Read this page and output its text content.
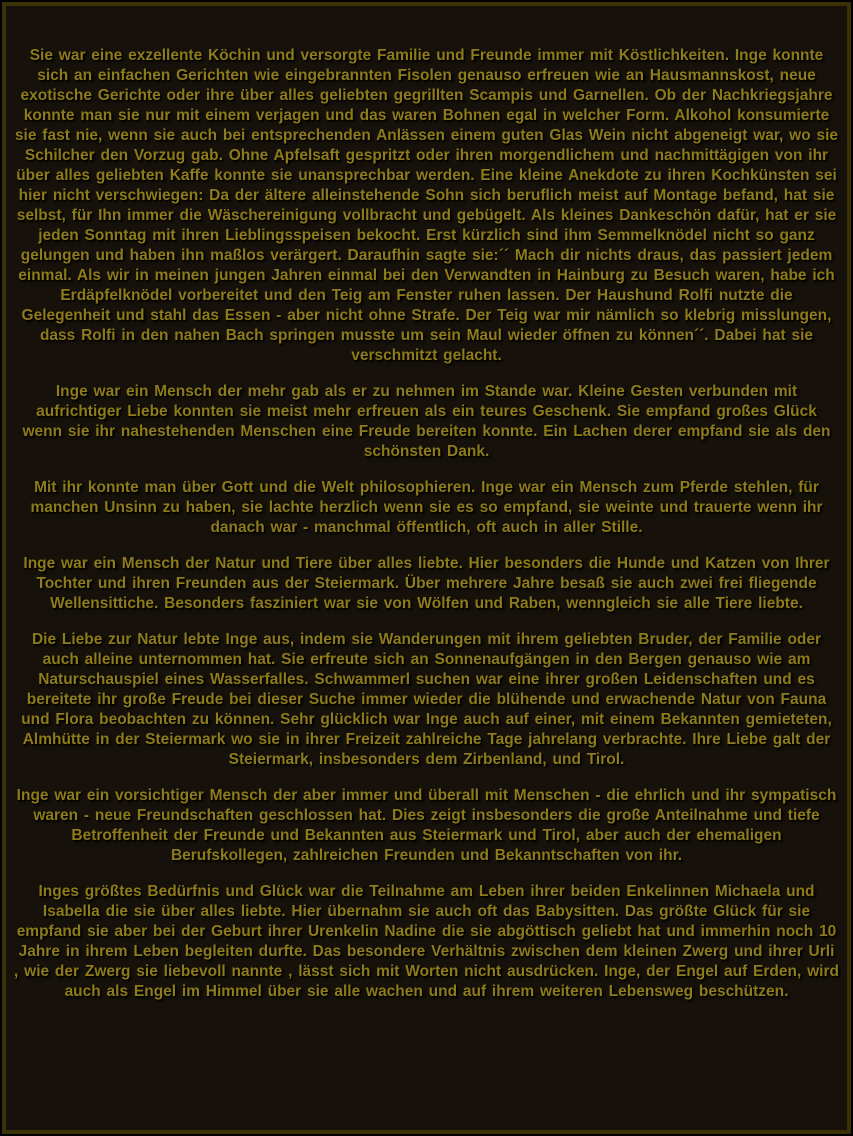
Sie war eine exzellente Köchin und versorgte Familie und Freunde immer mit Köstlichkeiten. Inge konnte sich an einfachen Gerichten wie eingebrannten Fisolen genauso erfreuen wie an Hausmannskost, neue exotische Gerichte oder ihre über alles geliebten gegrillten Scampis und Garnellen. Ob der Nachkriegsjahre konnte man sie nur mit einem verjagen und das waren Bohnen egal in welcher Form. Alkohol konsumierte sie fast nie, wenn sie auch bei entsprechenden Anlässen einem guten Glas Wein nicht abgeneigt war, wo sie Schilcher den Vorzug gab. Ohne Apfelsaft gespritzt oder ihren morgendlichem und nachmittägigen von ihr über alles geliebten Kaffe konnte sie unansprechbar werden. Eine kleine Anekdote zu ihren Kochkünsten sei hier nicht verschwiegen: Da der ältere alleinstehende Sohn sich beruflich meist auf Montage befand, hat sie selbst, für Ihn immer die Wäschereinigung vollbracht und gebügelt. Als kleines Dankeschön dafür, hat er sie jeden Sonntag mit ihren Lieblingsspeisen bekocht. Erst kürzlich sind ihm Semmelknödel nicht so ganz gelungen und haben ihn maßlos verärgert. Daraufhin sagte sie:´´ Mach dir nichts draus, das passiert jedem einmal. Als wir in meinen jungen Jahren einmal bei den Verwandten in Hainburg zu Besuch waren, habe ich Erdäpfelknödel vorbereitet und den Teig am Fenster ruhen lassen. Der Haushund Rolfi nutzte die Gelegenheit und stahl das Essen - aber nicht ohne Strafe. Der Teig war mir nämlich so klebrig misslungen, dass Rolfi in den nahen Bach springen musste um sein Maul wieder öffnen zu können´´. Dabei hat sie verschmitzt gelacht.

Inge war ein Mensch der mehr gab als er zu nehmen im Stande war. Kleine Gesten verbunden mit aufrichtiger Liebe konnten sie meist mehr erfreuen als ein teures Geschenk. Sie empfand großes Glück wenn sie ihr nahestehenden Menschen eine Freude bereiten konnte. Ein Lachen derer empfand sie als den schönsten Dank.

Mit ihr konnte man über Gott und die Welt philosophieren. Inge war ein Mensch zum Pferde stehlen, für manchen Unsinn zu haben, sie lachte herzlich wenn sie es so empfand, sie weinte und trauerte wenn ihr danach war - manchmal öffentlich, oft auch in aller Stille.

Inge war ein Mensch der Natur und Tiere über alles liebte. Hier besonders die Hunde und Katzen von Ihrer Tochter und ihren Freunden aus der Steiermark. Über mehrere Jahre besaß sie auch zwei frei fliegende Wellensittiche. Besonders fasziniert war sie von Wölfen und Raben, wenngleich sie alle Tiere liebte.

Die Liebe zur Natur lebte Inge aus, indem sie Wanderungen mit ihrem geliebten Bruder, der Familie oder auch alleine unternommen hat. Sie erfreute sich an Sonnenaufgängen in den Bergen genauso wie am Naturschauspiel eines Wasserfalles. Schwammerl suchen war eine ihrer großen Leidenschaften und es bereitete ihr große Freude bei dieser Suche immer wieder die blühende und erwachende Natur von Fauna und Flora beobachten zu können. Sehr glücklich war Inge auch auf einer, mit einem Bekannten gemieteten, Almhütte in der Steiermark wo sie in ihrer Freizeit zahlreiche Tage jahrelang verbrachte. Ihre Liebe galt der Steiermark, insbesonders dem Zirbenland, und Tirol.

Inge war ein vorsichtiger Mensch der aber immer und überall mit Menschen - die ehrlich und ihr sympatisch waren - neue Freundschaften geschlossen hat. Dies zeigt insbesonders die große Anteilnahme und tiefe Betroffenheit der Freunde und Bekannten aus Steiermark und Tirol, aber auch der ehemaligen Berufskollegen, zahlreichen Freunden und Bekanntschaften von ihr.

Inges größtes Bedürfnis und Glück war die Teilnahme am Leben ihrer beiden Enkelinnen Michaela und Isabella die sie über alles liebte. Hier übernahm sie auch oft das Babysitten. Das größte Glück für sie empfand sie aber bei der Geburt ihrer Urenkelin Nadine die sie abgöttisch geliebt hat und immerhin noch 10 Jahre in ihrem Leben begleiten durfte. Das besondere Verhältnis zwischen dem kleinen Zwerg und ihrer Urli , wie der Zwerg sie liebevoll nannte , lässt sich mit Worten nicht ausdrücken. Inge, der Engel auf Erden, wird auch als Engel im Himmel über sie alle wachen und auf ihrem weiteren Lebensweg beschützen.
